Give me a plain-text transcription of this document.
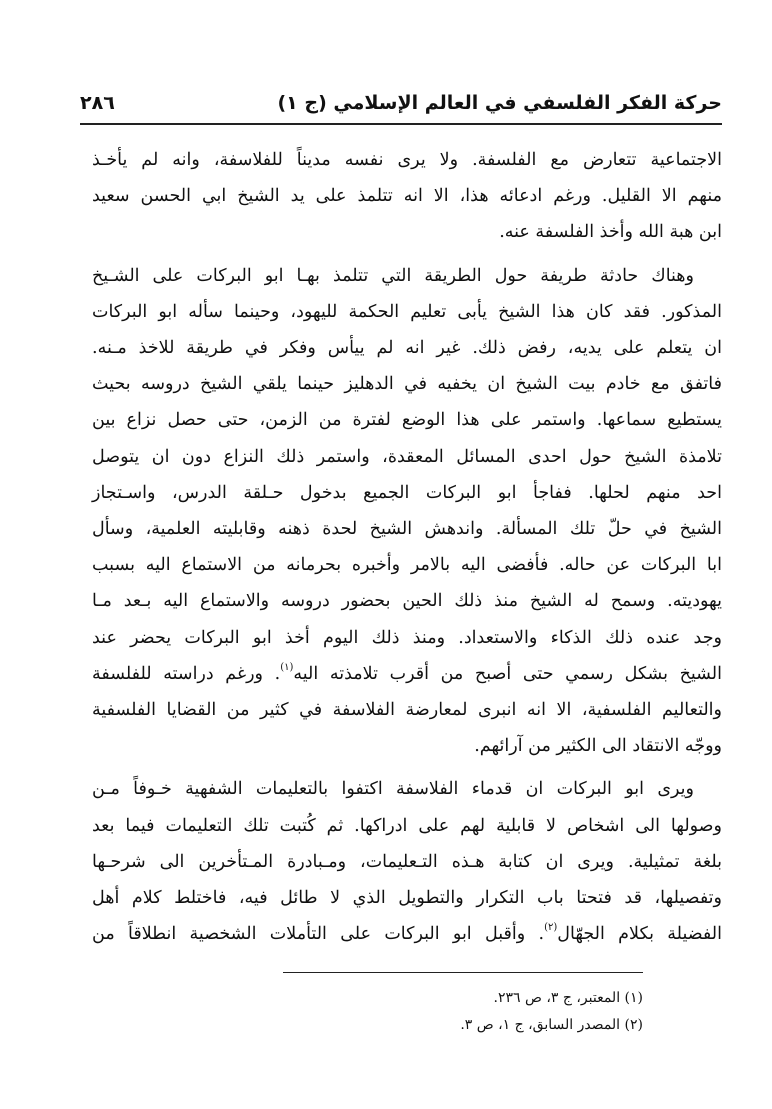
حركة الفكر الفلسفي في العالم الإسلامي (ج ١)
٢٨٦

الاجتماعية تتعارض مع الفلسفة. ولا يرى نفسه مديناً للفلاسفة، وانه لم يأخـذ
منهم الا القليل. ورغم ادعائه هذا، الا انه تتلمذ على يد الشيخ ابي الحسن سعيد
ابن هبة الله وأخذ الفلسفة عنه.

وهناك حادثة طريفة حول الطريقة التي تتلمذ بهـا ابو البركات على الشـيخ
المذكور. فقد كان هذا الشيخ يأبى تعليم الحكمة لليهود، وحينما سأله ابو البركات
ان يتعلم على يديه، رفض ذلك. غير انه لم ييأس وفكر في طريقة للاخذ مـنه.
فاتفق مع خادم بيت الشيخ ان يخفيه في الدهليز حينما يلقي الشيخ دروسه بحيث
يستطيع سماعها. واستمر على هذا الوضع لفترة من الزمن، حتى حصل نزاع بين
تلامذة الشيخ حول احدى المسائل المعقدة، واستمر ذلك النزاع دون ان يتوصل
احد منهم لحلها. ففاجأ ابو البركات الجميع بدخول حـلقة الدرس، واسـتجاز
الشيخ في حلّ تلك المسألة. واندهش الشيخ لحدة ذهنه وقابليته العلمية، وسأل
ابا البركات عن حاله. فأفضى اليه بالامر وأخبره بحرمانه من الاستماع اليه بسبب
يهوديته. وسمح له الشيخ منذ ذلك الحين بحضور دروسه والاستماع اليه بـعد مـا
وجد عنده ذلك الذكاء والاستعداد. ومنذ ذلك اليوم أخذ ابو البركات يحضر عند
الشيخ بشكل رسمي حتى أصبح من أقرب تلامذته اليه$^{(١)}$. ورغم دراسته للفلسفة
والتعاليم الفلسفية، الا انه انبرى لمعارضة الفلاسفة في كثير من القضايا الفلسفية
ووجّه الانتقاد الى الكثير من آرائهم.

ويرى ابو البركات ان قدماء الفلاسفة اكتفوا بالتعليمات الشفهية خـوفاً مـن
وصولها الى اشخاص لا قابلية لهم على ادراكها. ثم كُتبت تلك التعليمات فيما بعد
بلغة تمثيلية. ويرى ان كتابة هـذه التـعليمات، ومـبادرة المـتأخرين الى شرحـها
وتفصيلها، قد فتحتا باب التكرار والتطويل الذي لا طائل فيه، فاختلط كلام أهل
الفضيلة بكلام الجهّال$^{(٢)}$. وأقبل ابو البركات على التأملات الشخصية انطلاقاً من

(١) المعتبر، ج ٣، ص ٢٣٦.
(٢) المصدر السابق، ج ١، ص ٣.
